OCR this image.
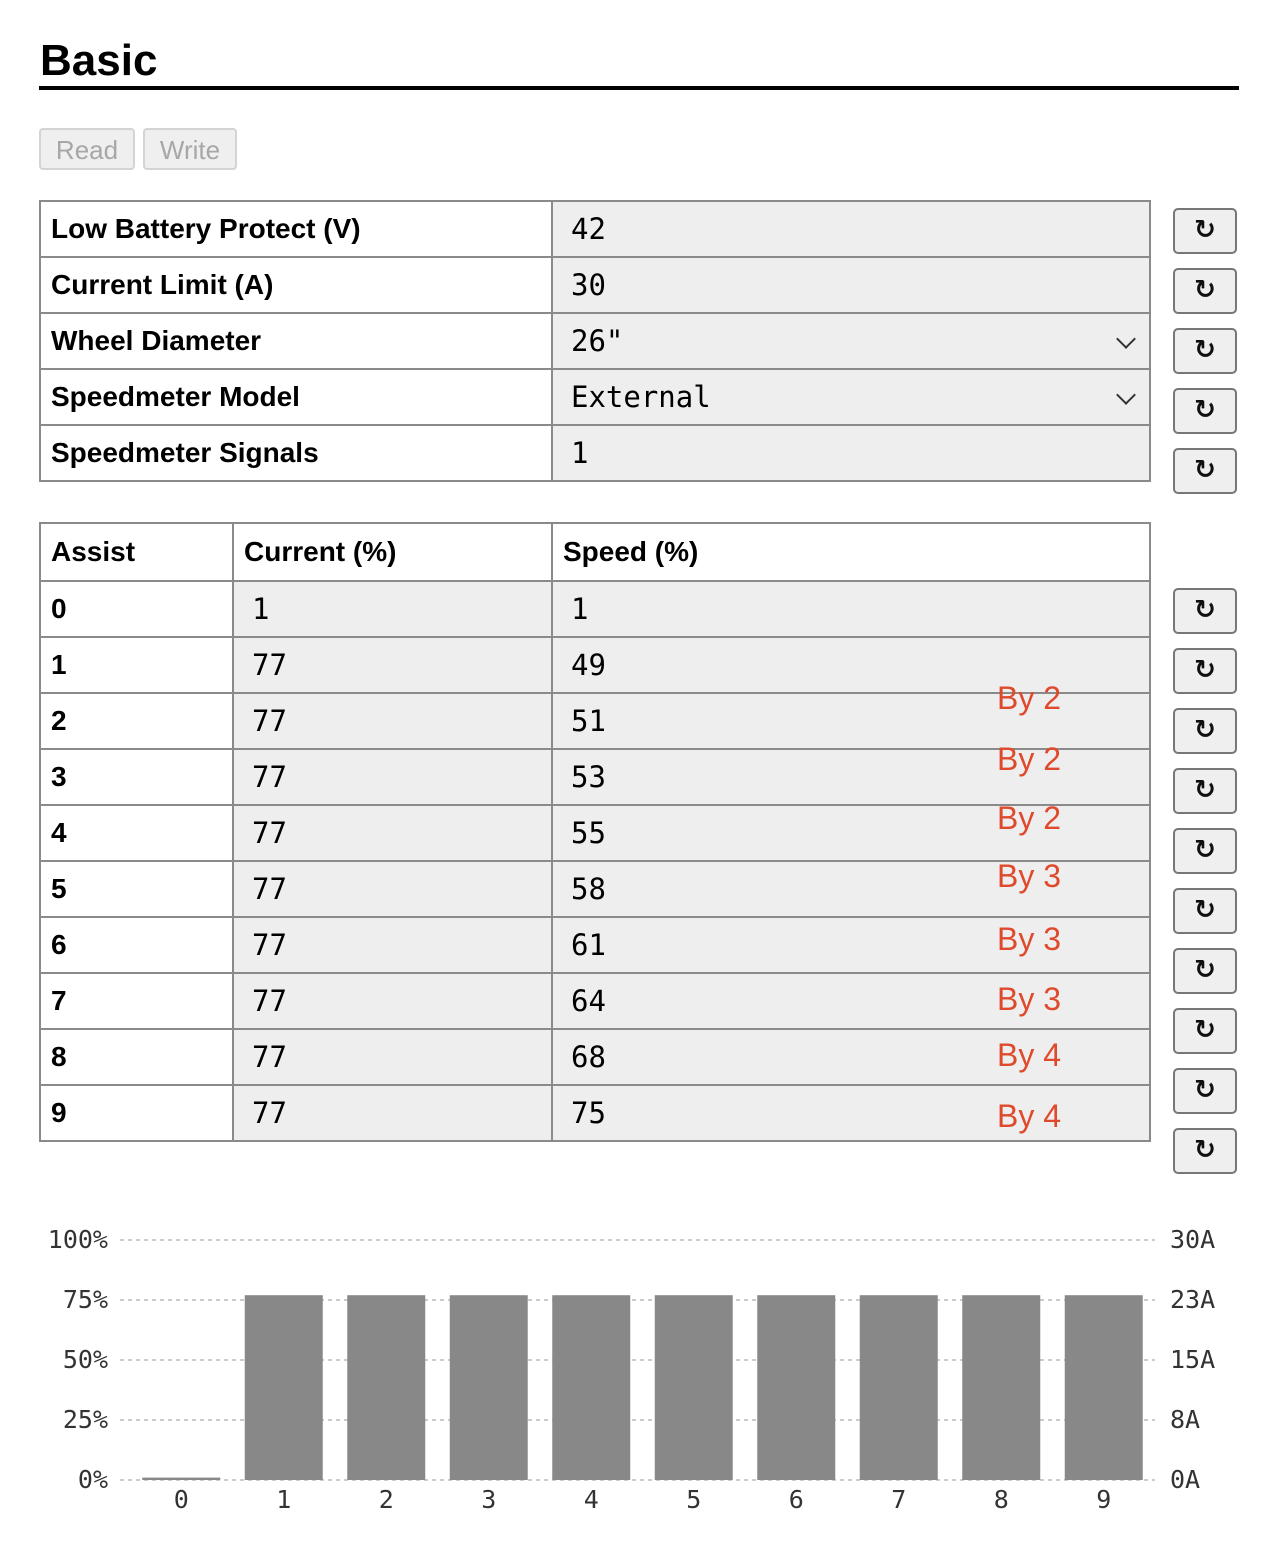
Basic
Read	Write
Low Battery Protect (V)	42
Current Limit (A)	30
Wheel Diameter	26"

Speedmeter Model	External

Speedmeter Signals	1
↻
↻
↻
↻
↻
Assist	Current (%)	Speed (%)
0	1	1
1	77	49
2	77	51
3	77	53
4	77	55
5	77	58
6	77	61
7	77	64
8	77	68
9	77	75
↻
↻
↻
↻
↻
↻
↻
↻
↻
↻
By 2
By 2
By 2
By 3
By 3
By 3
By 4
By 4
0%	0A
25%	8A
50%	15A
75%	23A
100%	30A
0	1	2	3	4	5	6	7	8	9
